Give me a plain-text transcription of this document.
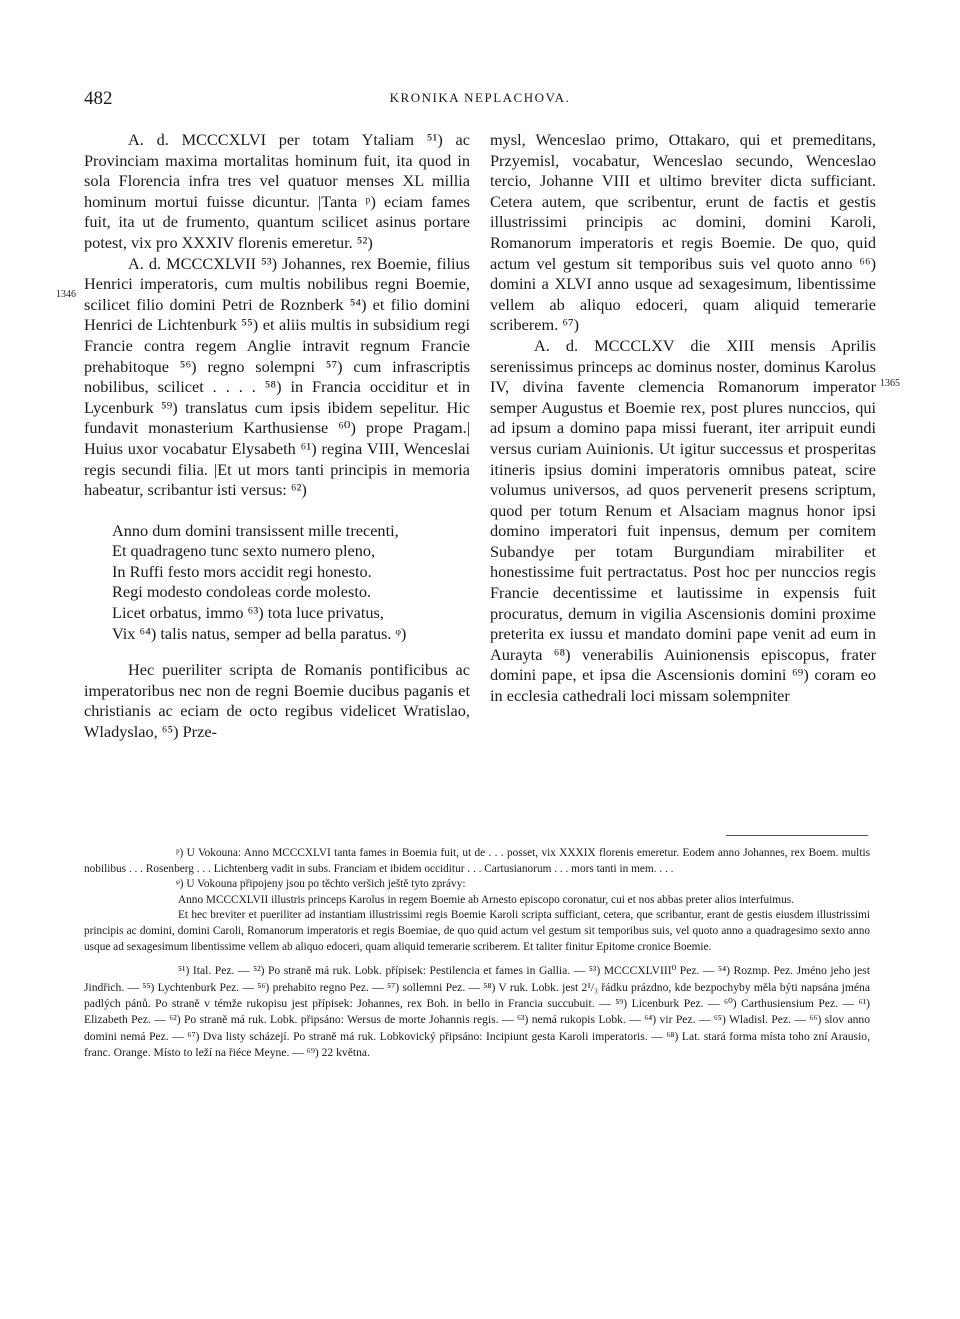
482	KRONIKA NEPLACHOVA.
1346
1365

A. d. MCCCXLVI per totam Ytaliam ⁵¹) ac Provinciam maxima mortalitas hominum fuit, ita quod in sola Florencia infra tres vel quatuor menses XL millia hominum mortui fuisse dicuntur. |Tanta ᵖ) eciam fames fuit, ita ut de frumento, quantum scilicet asinus portare potest, vix pro XXXIV florenis emeretur. ⁵²)

A. d. MCCCXLVII ⁵³) Johannes, rex Boemie, filius Henrici imperatoris, cum multis nobilibus regni Boemie, scilicet filio domini Petri de Roznberk ⁵⁴) et filio domini Henrici de Lichtenburk ⁵⁵) et aliis multis in subsidium regi Francie contra regem Anglie intravit regnum Francie prehabitoque ⁵⁶) regno solempni ⁵⁷) cum infrascriptis nobilibus, scilicet . . . . ⁵⁸) in Francia occiditur et in Lycenburk ⁵⁹) translatus cum ipsis ibidem sepelitur. Hic fundavit monasterium Karthusiense ⁶⁰) prope Pragam.| Huius uxor vocabatur Elysabeth ⁶¹) regina VIII, Wenceslai regis secundi filia. |Et ut mors tanti principis in memoria habeatur, scribantur isti versus: ⁶²)

Anno dum domini transissent mille trecenti,
Et quadrageno tunc sexto numero pleno,
In Ruffi festo mors accidit regi honesto.
Regi modesto condoleas corde molesto.
Licet orbatus, immo ⁶³) tota luce privatus,
Vix ⁶⁴) talis natus, semper ad bella paratus. ᵠ)

Hec pueriliter scripta de Romanis pontificibus ac imperatoribus nec non de regni Boemie ducibus paganis et christianis ac eciam de octo regibus videlicet Wratislao, Wladyslao, ⁶⁵) Prze-

mysl, Wenceslao primo, Ottakaro, qui et premeditans, Przyemisl, vocabatur, Wenceslao secundo, Wenceslao tercio, Johanne VIII et ultimo breviter dicta sufficiant. Cetera autem, que scribentur, erunt de factis et gestis illustrissimi principis ac domini, domini Karoli, Romanorum imperatoris et regis Boemie. De quo, quid actum vel gestum sit temporibus suis vel quoto anno ⁶⁶) domini a XLVI anno usque ad sexagesimum, libentissime vellem ab aliquo edoceri, quam aliquid temerarie scriberem. ⁶⁷)

A. d. MCCCLXV die XIII mensis Aprilis serenissimus princeps ac dominus noster, dominus Karolus IV, divina favente clemencia Romanorum imperator semper Augustus et Boemie rex, post plures nunccios, qui ad ipsum a domino papa missi fuerant, iter arripuit eundi versus curiam Auinionis. Ut igitur successus et prosperitas itineris ipsius domini imperatoris omnibus pateat, scire volumus universos, ad quos pervenerit presens scriptum, quod per totum Renum et Alsaciam magnus honor ipsi domino imperatori fuit inpensus, demum per comitem Subandye per totam Burgundiam mirabiliter et honestissime fuit pertractatus. Post hoc per nunccios regis Francie decentissime et lautissime in expensis fuit procuratus, demum in vigilia Ascensionis domini proxime preterita ex iussu et mandato domini pape venit ad eum in Aurayta ⁶⁸) venerabilis Auinionensis episcopus, frater domini pape, et ipsa die Ascensionis domini ⁶⁹) coram eo in ecclesia cathedrali loci missam solempniter

ᵖ) U Vokouna: Anno MCCCXLVI tanta fames in Boemia fuit, ut de . . . posset, vix XXXIX florenis emeretur. Eodem anno Johannes, rex Boem. multis nobilibus . . . Rosenberg . . . Lichtenberg vadit in subs. Franciam et ibidem occiditur . . . Cartusianorum . . . mors tanti in mem. . . .

ᵠ) U Vokouna připojeny jsou po těchto veršich ještě tyto zprávy:

Anno MCCCXLVII illustris princeps Karolus in regem Boemie ab Arnesto episcopo coronatur, cui et nos abbas preter alios interfuimus.

Et hec breviter et pueriliter ad instantiam illustrissimi regis Boemie Karoli scripta sufficiant, cetera, que scribantur, erant de gestis eiusdem illustrissimi principis ac domini, domini Caroli, Romanorum imperatoris et regis Boemiae, de quo quid actum vel gestum sit temporibus suis, vel quoto anno a quadragesimo sexto anno usque ad sexagesimum libentissime vellem ab aliquo edoceri, quam aliquid temerarie scriberem. Et taliter finitur Epitome cronice Boemie.

⁵¹) Ital. Pez. — ⁵²) Po straně má ruk. Lobk. přípisek: Pestilencia et fames in Gallia. — ⁵³) MCCCXLVIII⁰ Pez. — ⁵⁴) Rozmp. Pez. Jméno jeho jest Jindřich. — ⁵⁵) Lychtenburk Pez. — ⁵⁶) prehabito regno Pez. — ⁵⁷) sollemni Pez. — ⁵⁸) V ruk. Lobk. jest 2¹/₃ řádku prázdno, kde bezpochyby měla býti napsána jména padlých pánů. Po straně v témže rukopisu jest přípisek: Johannes, rex Boh. in bello in Francia succubuit. — ⁵⁹) Licenburk Pez. — ⁶⁰) Carthusiensium Pez. — ⁶¹) Elizabeth Pez. — ⁶²) Po straně má ruk. Lobk. připsáno: Wersus de morte Johannis regis. — ⁶³) nemá rukopis Lobk. — ⁶⁴) vir Pez. — ⁶⁵) Wladisl. Pez. — ⁶⁶) slov anno domini nemá Pez. — ⁶⁷) Dva listy scházejí. Po straně má ruk. Lobkovický připsáno: Incipiunt gesta Karoli imperatoris. — ⁶⁸) Lat. stará forma místa toho zní Arausio, franc. Orange. Místo to leží na řiéce Meyne. — ⁶⁹) 22 května.
